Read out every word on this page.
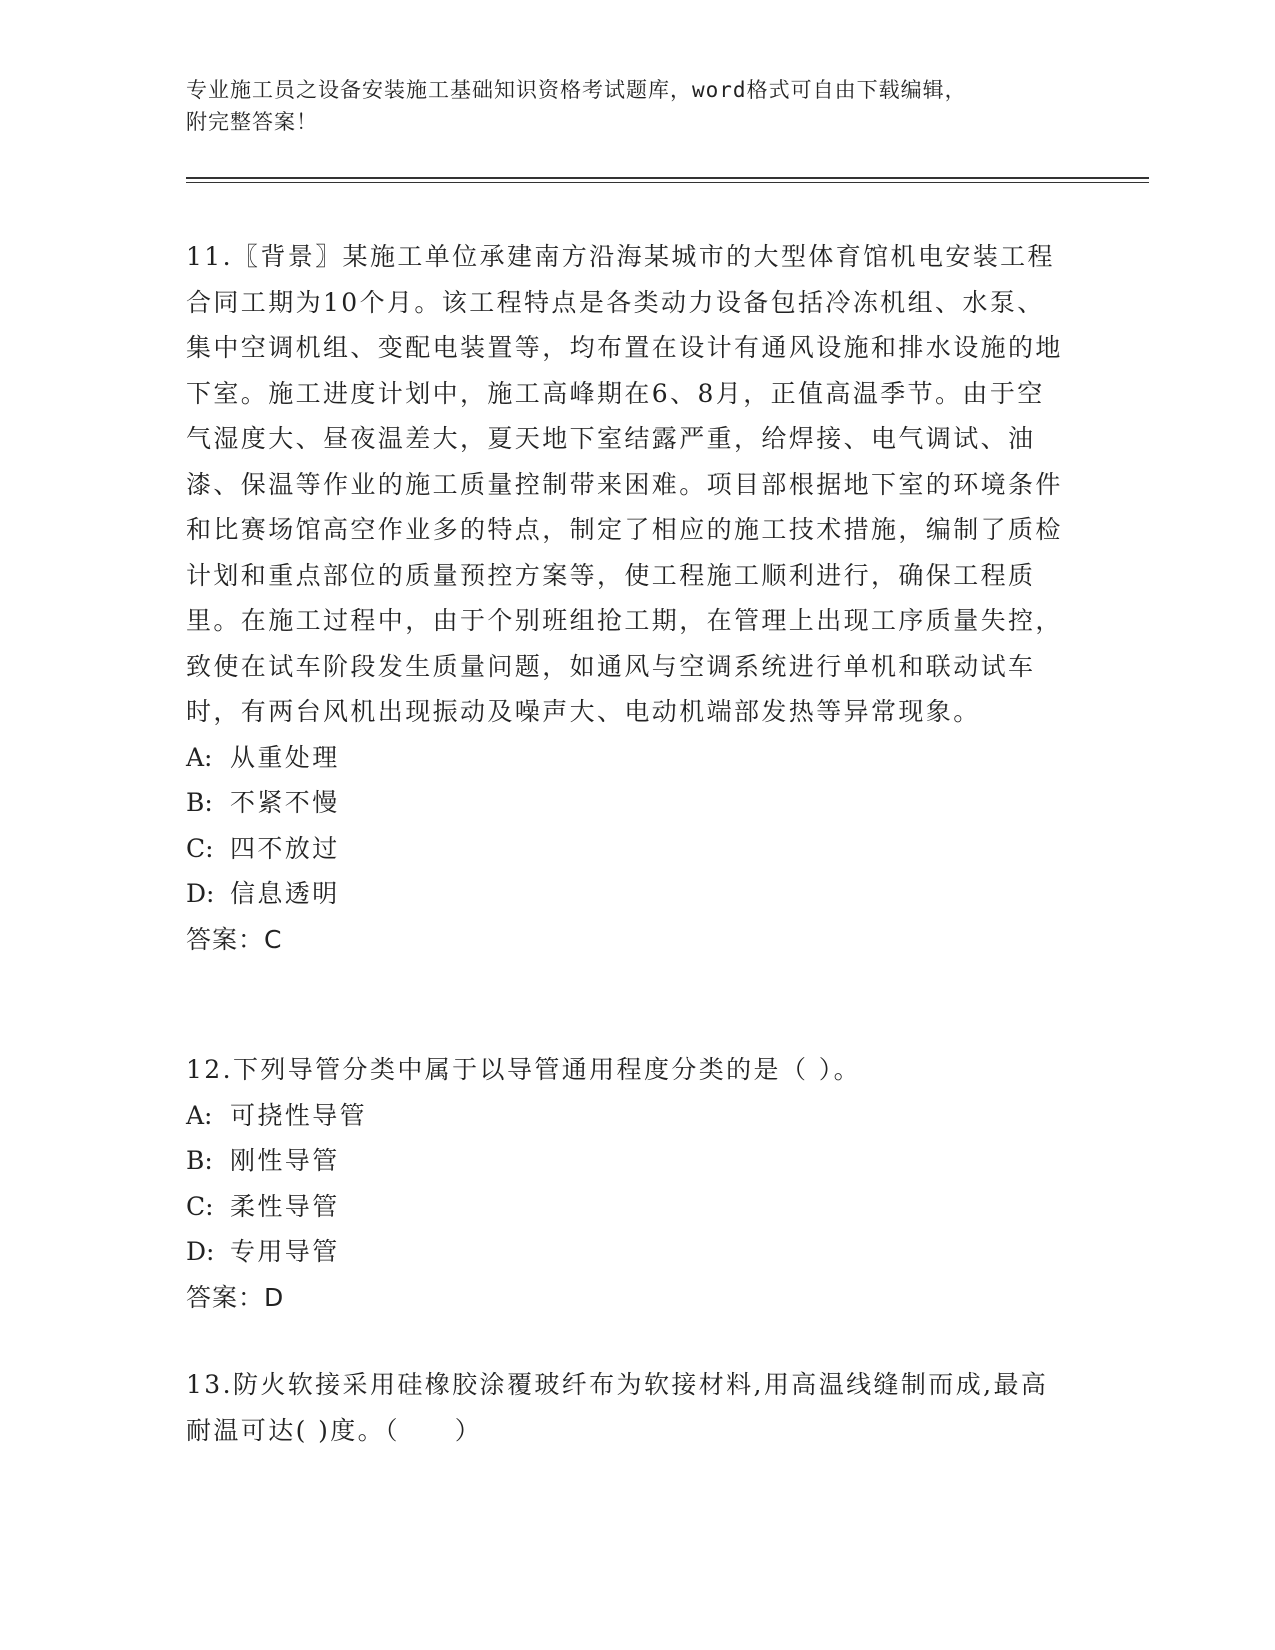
专业施工员之设备安装施工基础知识资格考试题库，word格式可自由下载编辑，
附完整答案！

11.〖背景〗某施工单位承建南方沿海某城市的大型体育馆机电安装工程合同工期为10个月。该工程特点是各类动力设备包括冷冻机组、水泵、集中空调机组、变配电装置等，均布置在设计有通风设施和排水设施的地下室。施工进度计划中，施工高峰期在6、8月，正值高温季节。由于空气湿度大、昼夜温差大，夏天地下室结露严重，给焊接、电气调试、油漆、保温等作业的施工质量控制带来困难。项目部根据地下室的环境条件和比赛场馆高空作业多的特点，制定了相应的施工技术措施，编制了质检计划和重点部位的质量预控方案等，使工程施工顺利进行，确保工程质里。在施工过程中，由于个别班组抢工期，在管理上出现工序质量失控，致使在试车阶段发生质量问题，如通风与空调系统进行单机和联动试车时，有两台风机出现振动及噪声大、电动机端部发热等异常现象。

A: 从重处理

B: 不紧不慢

C: 四不放过

D: 信息透明

答案：C

12.下列导管分类中属于以导管通用程度分类的是（ ）。

A: 可挠性导管

B: 刚性导管

C: 柔性导管

D: 专用导管

答案：D

13.防火软接采用硅橡胶涂覆玻纤布为软接材料,用高温线缝制而成,最高耐温可达( )度。（　　）
